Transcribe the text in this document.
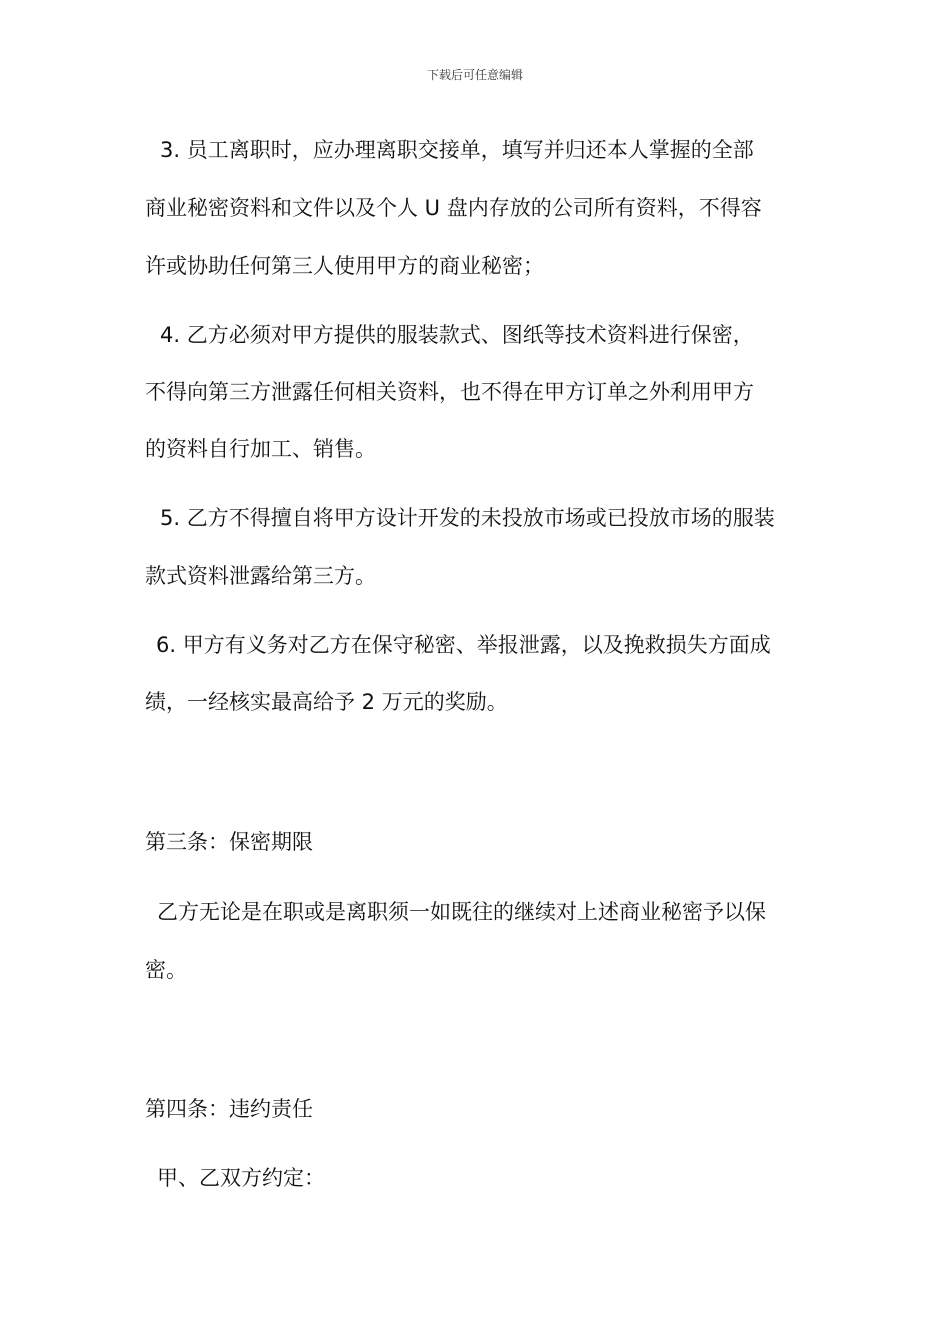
下载后可任意编辑
3. 员工离职时，应办理离职交接单，填写并归还本人掌握的全部
商业秘密资料和文件以及个人 U 盘内存放的公司所有资料，不得容
许或协助任何第三人使用甲方的商业秘密；
4. 乙方必须对甲方提供的服装款式、图纸等技术资料进行保密，
不得向第三方泄露任何相关资料，也不得在甲方订单之外利用甲方
的资料自行加工、销售。
5. 乙方不得擅自将甲方设计开发的未投放市场或已投放市场的服装
款式资料泄露给第三方。
6. 甲方有义务对乙方在保守秘密、举报泄露，以及挽救损失方面成
绩，一经核实最高给予 2 万元的奖励。
第三条：保密期限
乙方无论是在职或是离职须一如既往的继续对上述商业秘密予以保
密。
第四条：违约责任
甲、乙双方约定：
